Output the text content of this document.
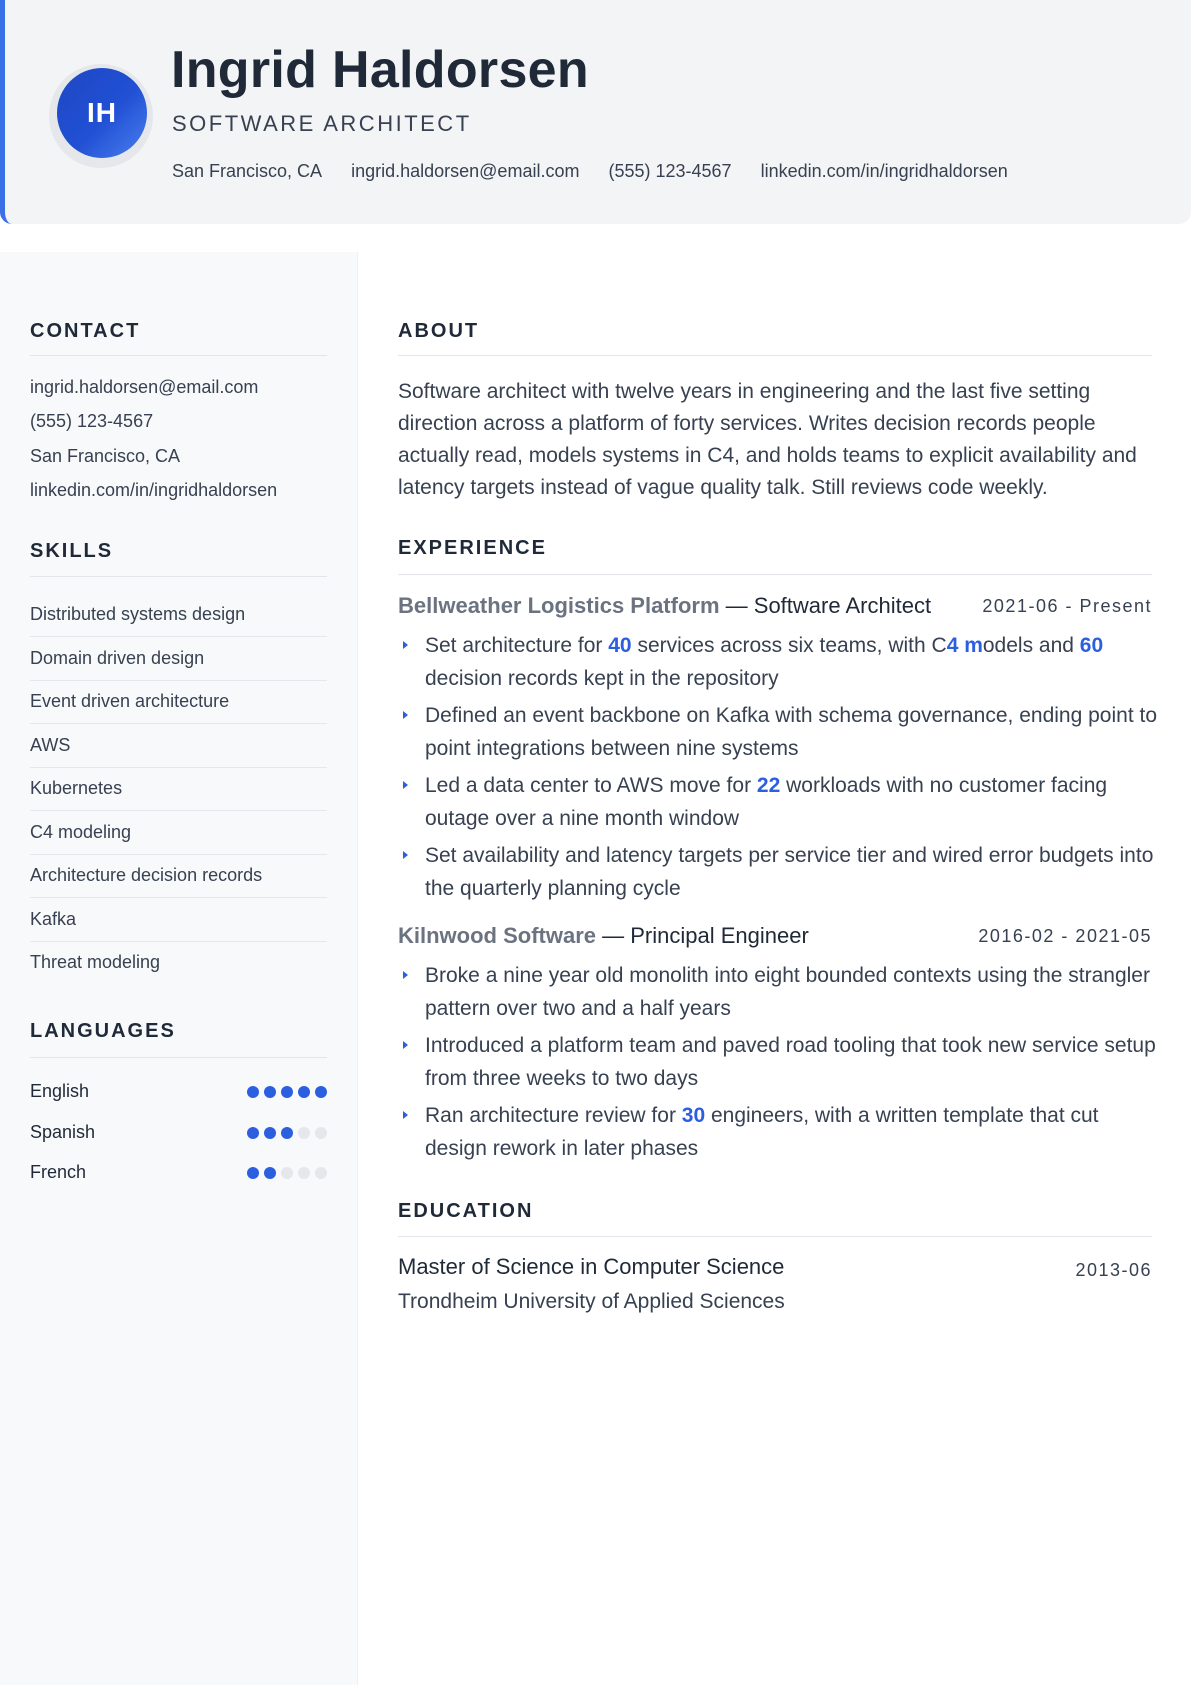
IH
Ingrid Haldorsen
SOFTWARE ARCHITECT
San Francisco, CA ingrid.haldorsen@email.com (555) 123-4567 linkedin.com/in/ingridhaldorsen
CONTACT
ingrid.haldorsen@email.com
(555) 123-4567
San Francisco, CA
linkedin.com/in/ingridhaldorsen
SKILLS
Distributed systems design
Domain driven design
Event driven architecture
AWS
Kubernetes
C4 modeling
Architecture decision records
Kafka
Threat modeling
LANGUAGES
English
Spanish
French
ABOUT
Software architect with twelve years in engineering and the last five setting direction across a platform of forty services. Writes decision records people actually read, models systems in C4, and holds teams to explicit availability and latency targets instead of vague quality talk. Still reviews code weekly.
EXPERIENCE
Bellweather Logistics Platform — Software Architect	2021-06 - Present
Set architecture for 40 services across six teams, with C4 models and 60 decision records kept in the repository
Defined an event backbone on Kafka with schema governance, ending point to point integrations between nine systems
Led a data center to AWS move for 22 workloads with no customer facing outage over a nine month window
Set availability and latency targets per service tier and wired error budgets into the quarterly planning cycle
Kilnwood Software — Principal Engineer	2016-02 - 2021-05
Broke a nine year old monolith into eight bounded contexts using the strangler pattern over two and a half years
Introduced a platform team and paved road tooling that took new service setup from three weeks to two days
Ran architecture review for 30 engineers, with a written template that cut design rework in later phases
EDUCATION
Master of Science in Computer Science	2013-06
Trondheim University of Applied Sciences
